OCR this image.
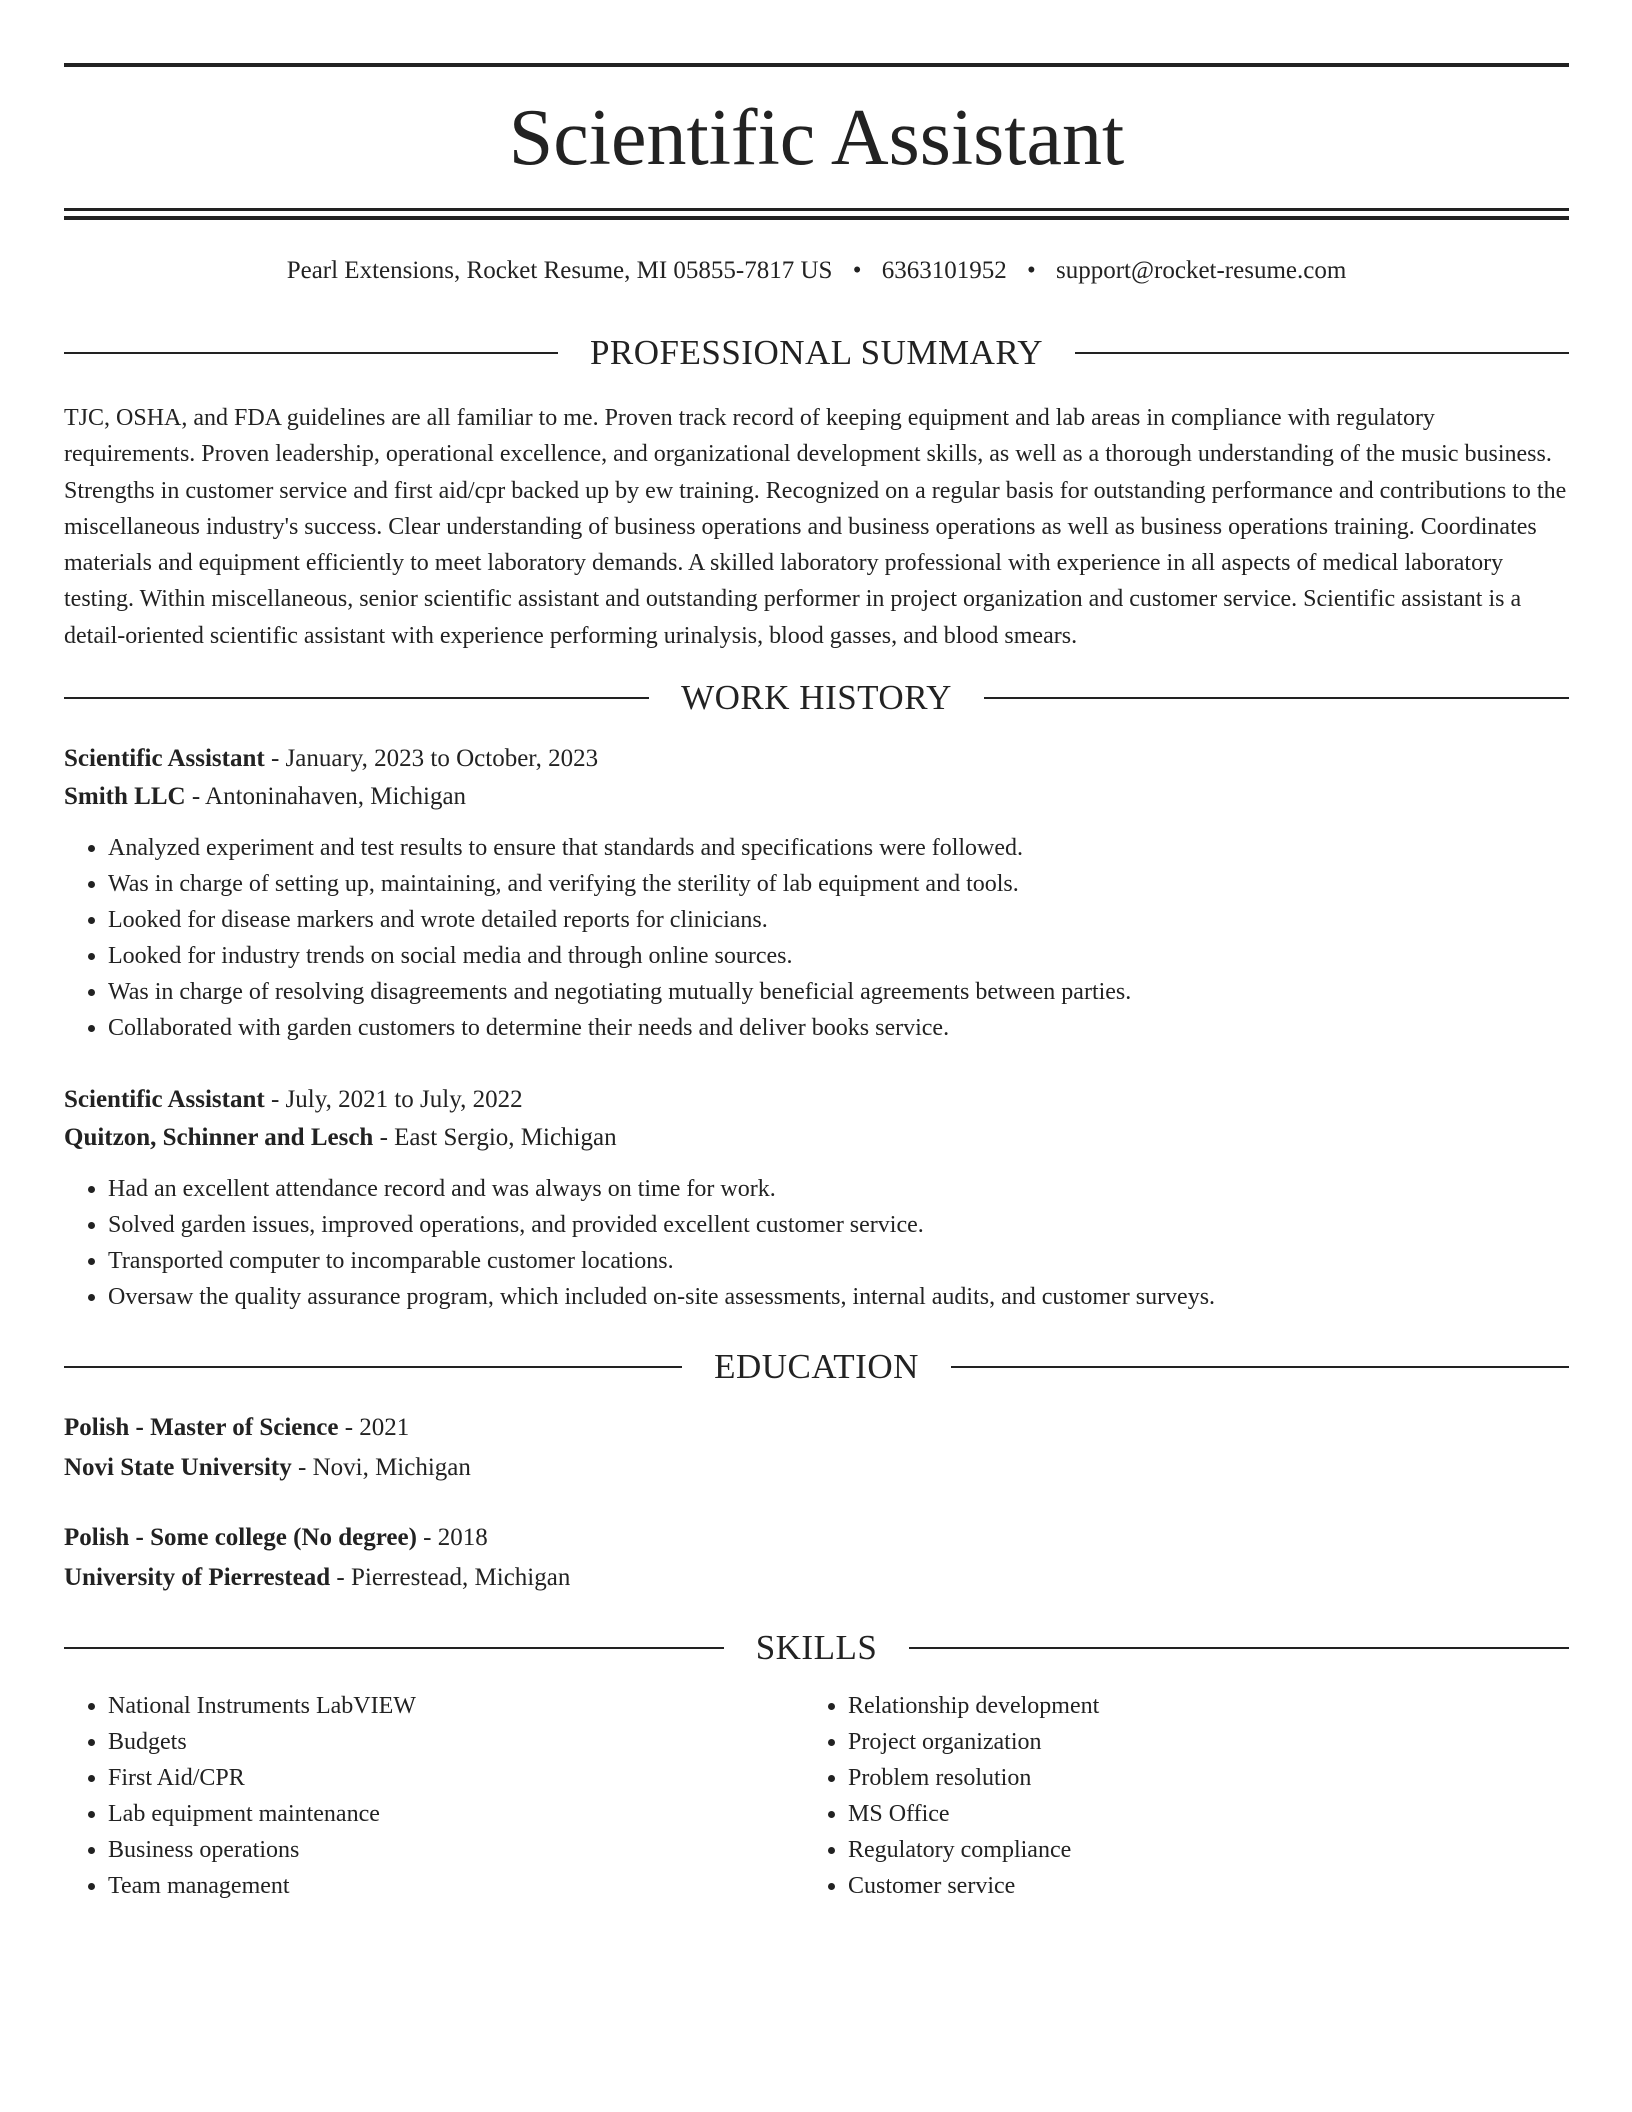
Scientific Assistant
Pearl Extensions, Rocket Resume, MI 05855-7817 US • 6363101952 • support@rocket-resume.com
PROFESSIONAL SUMMARY

TJC, OSHA, and FDA guidelines are all familiar to me. Proven track record of keeping equipment and lab areas in compliance with regulatory requirements. Proven leadership, operational excellence, and organizational development skills, as well as a thorough understanding of the music business. Strengths in customer service and first aid/cpr backed up by ew training. Recognized on a regular basis for outstanding performance and contributions to the miscellaneous industry's success. Clear understanding of business operations and business operations as well as business operations training. Coordinates materials and equipment efficiently to meet laboratory demands. A skilled laboratory professional with experience in all aspects of medical laboratory testing. Within miscellaneous, senior scientific assistant and outstanding performer in project organization and customer service. Scientific assistant is a detail-oriented scientific assistant with experience performing urinalysis, blood gasses, and blood smears.

WORK HISTORY
Scientific Assistant - January, 2023 to October, 2023
Smith LLC - Antoninahaven, Michigan
• Analyzed experiment and test results to ensure that standards and specifications were followed.
• Was in charge of setting up, maintaining, and verifying the sterility of lab equipment and tools.
• Looked for disease markers and wrote detailed reports for clinicians.
• Looked for industry trends on social media and through online sources.
• Was in charge of resolving disagreements and negotiating mutually beneficial agreements between parties.
• Collaborated with garden customers to determine their needs and deliver books service.
Scientific Assistant - July, 2021 to July, 2022
Quitzon, Schinner and Lesch - East Sergio, Michigan
• Had an excellent attendance record and was always on time for work.
• Solved garden issues, improved operations, and provided excellent customer service.
• Transported computer to incomparable customer locations.
• Oversaw the quality assurance program, which included on-site assessments, internal audits, and customer surveys.
EDUCATION
Polish - Master of Science - 2021
Novi State University - Novi, Michigan
Polish - Some college (No degree) - 2018
University of Pierrestead - Pierrestead, Michigan
SKILLS
• National Instruments LabVIEW
• Budgets
• First Aid/CPR
• Lab equipment maintenance
• Business operations
• Team management
• Relationship development
• Project organization
• Problem resolution
• MS Office
• Regulatory compliance
• Customer service
